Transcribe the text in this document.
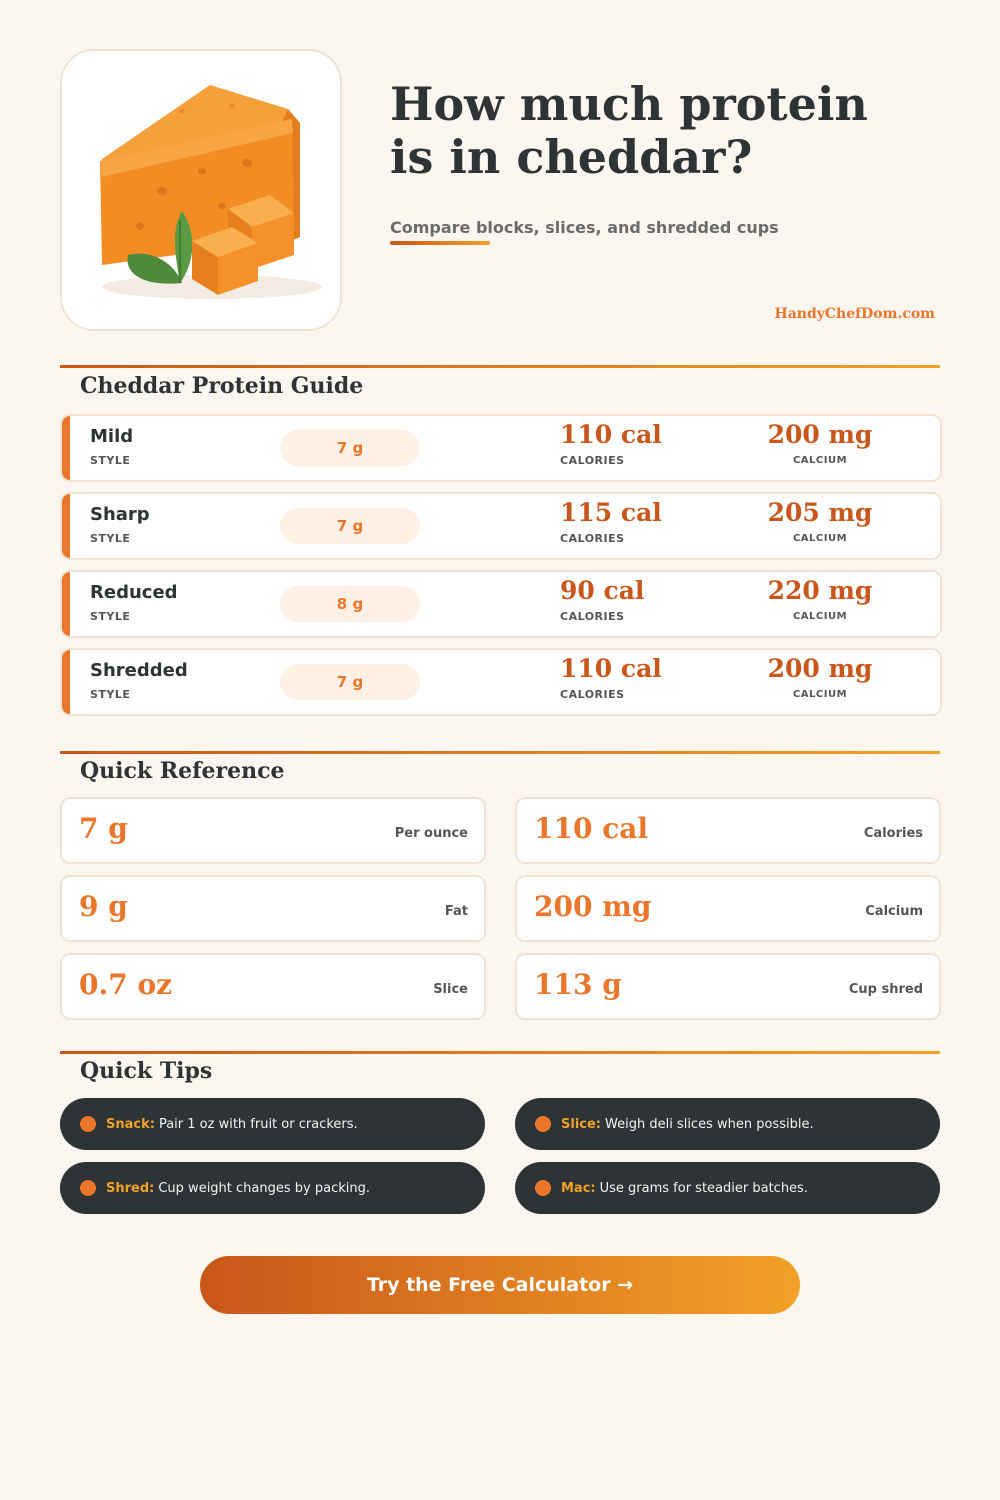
How much protein
is in cheddar?
Compare blocks, slices, and shredded cups
HandyChefDom.com
Cheddar Protein Guide
Mild
STYLE
7 g	110 cal
CALORIES
200 mg
CALCIUM
Sharp
STYLE
7 g	115 cal
CALORIES
205 mg
CALCIUM
Reduced
STYLE
8 g	90 cal
CALORIES
220 mg
CALCIUM
Shredded
STYLE
7 g	110 cal
CALORIES
200 mg
CALCIUM
Quick Reference
7 g	Per ounce 110 cal	Calories
9 g	Fat 200 mg	Calcium
0.7 oz	Slice 113 g	Cup shred
Quick Tips
Snack: Pair 1 oz with fruit or crackers.	Slice: Weigh deli slices when possible.
Shred: Cup weight changes by packing.	Mac: Use grams for steadier batches.
Try the Free Calculator →
